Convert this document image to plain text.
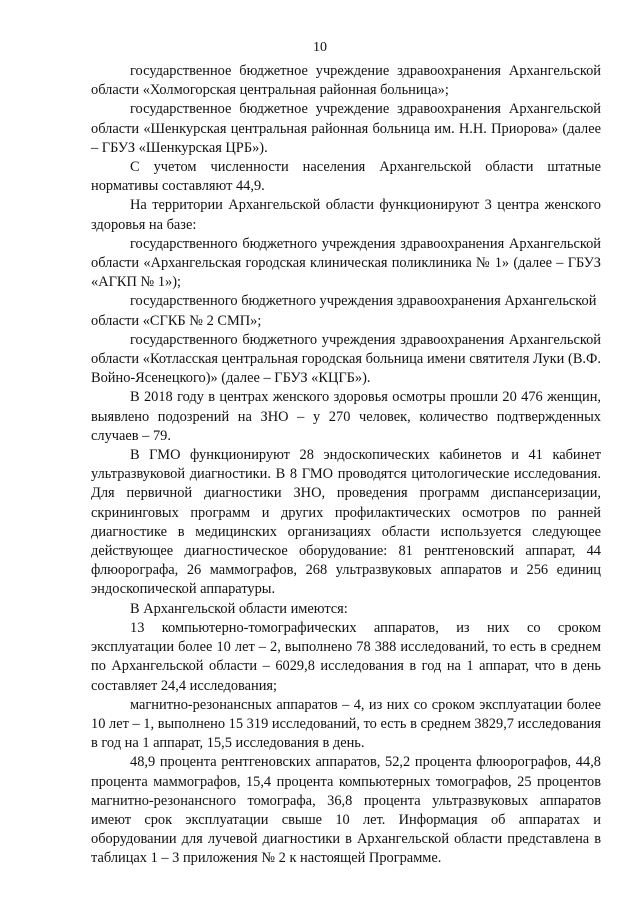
10

государственное бюджетное учреждение здравоохранения Архангельской области «Холмогорская центральная районная больница»;

государственное бюджетное учреждение здравоохранения Архангельской области «Шенкурская центральная районная больница им. Н.Н. Приорова» (далее – ГБУЗ «Шенкурская ЦРБ»).

С учетом численности населения Архангельской области штатные нормативы составляют 44,9.

На территории Архангельской области функционируют 3 центра женского здоровья на базе:

государственного бюджетного учреждения здравоохранения Архангельской области «Архангельская городская клиническая поликлиника № 1» (далее – ГБУЗ «АГКП № 1»);

государственного бюджетного учреждения здравоохранения Архангельской области «СГКБ № 2 СМП»;

государственного бюджетного учреждения здравоохранения Архангельской области «Котласская центральная городская больница имени святителя Луки (В.Ф. Войно-Ясенецкого)» (далее – ГБУЗ «КЦГБ»).

В 2018 году в центрах женского здоровья осмотры прошли 20 476 женщин, выявлено подозрений на ЗНО – у 270 человек, количество подтвержденных случаев – 79.

В ГМО функционируют 28 эндоскопических кабинетов и 41 кабинет ультразвуковой диагностики. В 8 ГМО проводятся цитологические исследования. Для первичной диагностики ЗНО, проведения программ диспансеризации, скрининговых программ и других профилактических осмотров по ранней диагностике в медицинских организациях области используется следующее действующее диагностическое оборудование: 81 рентгеновский аппарат, 44 флюорографа, 26 маммографов, 268 ультразвуковых аппаратов и 256 единиц эндоскопической аппаратуры.

В Архангельской области имеются:

13 компьютерно-томографических аппаратов, из них со сроком эксплуатации более 10 лет – 2, выполнено 78 388 исследований, то есть в среднем по Архангельской области – 6029,8 исследования в год на 1 аппарат, что в день составляет 24,4 исследования;

магнитно-резонансных аппаратов – 4, из них со сроком эксплуатации более 10 лет – 1, выполнено 15 319 исследований, то есть в среднем 3829,7 исследования в год на 1 аппарат, 15,5 исследования в день.

48,9 процента рентгеновских аппаратов, 52,2 процента флюорографов, 44,8 процента маммографов, 15,4 процента компьютерных томографов, 25 процентов магнитно-резонансного томографа, 36,8 процента ультразвуковых аппаратов имеют срок эксплуатации свыше 10 лет. Информация об аппаратах и оборудовании для лучевой диагностики в Архангельской области представлена в таблицах 1 – 3 приложения № 2 к настоящей Программе.
